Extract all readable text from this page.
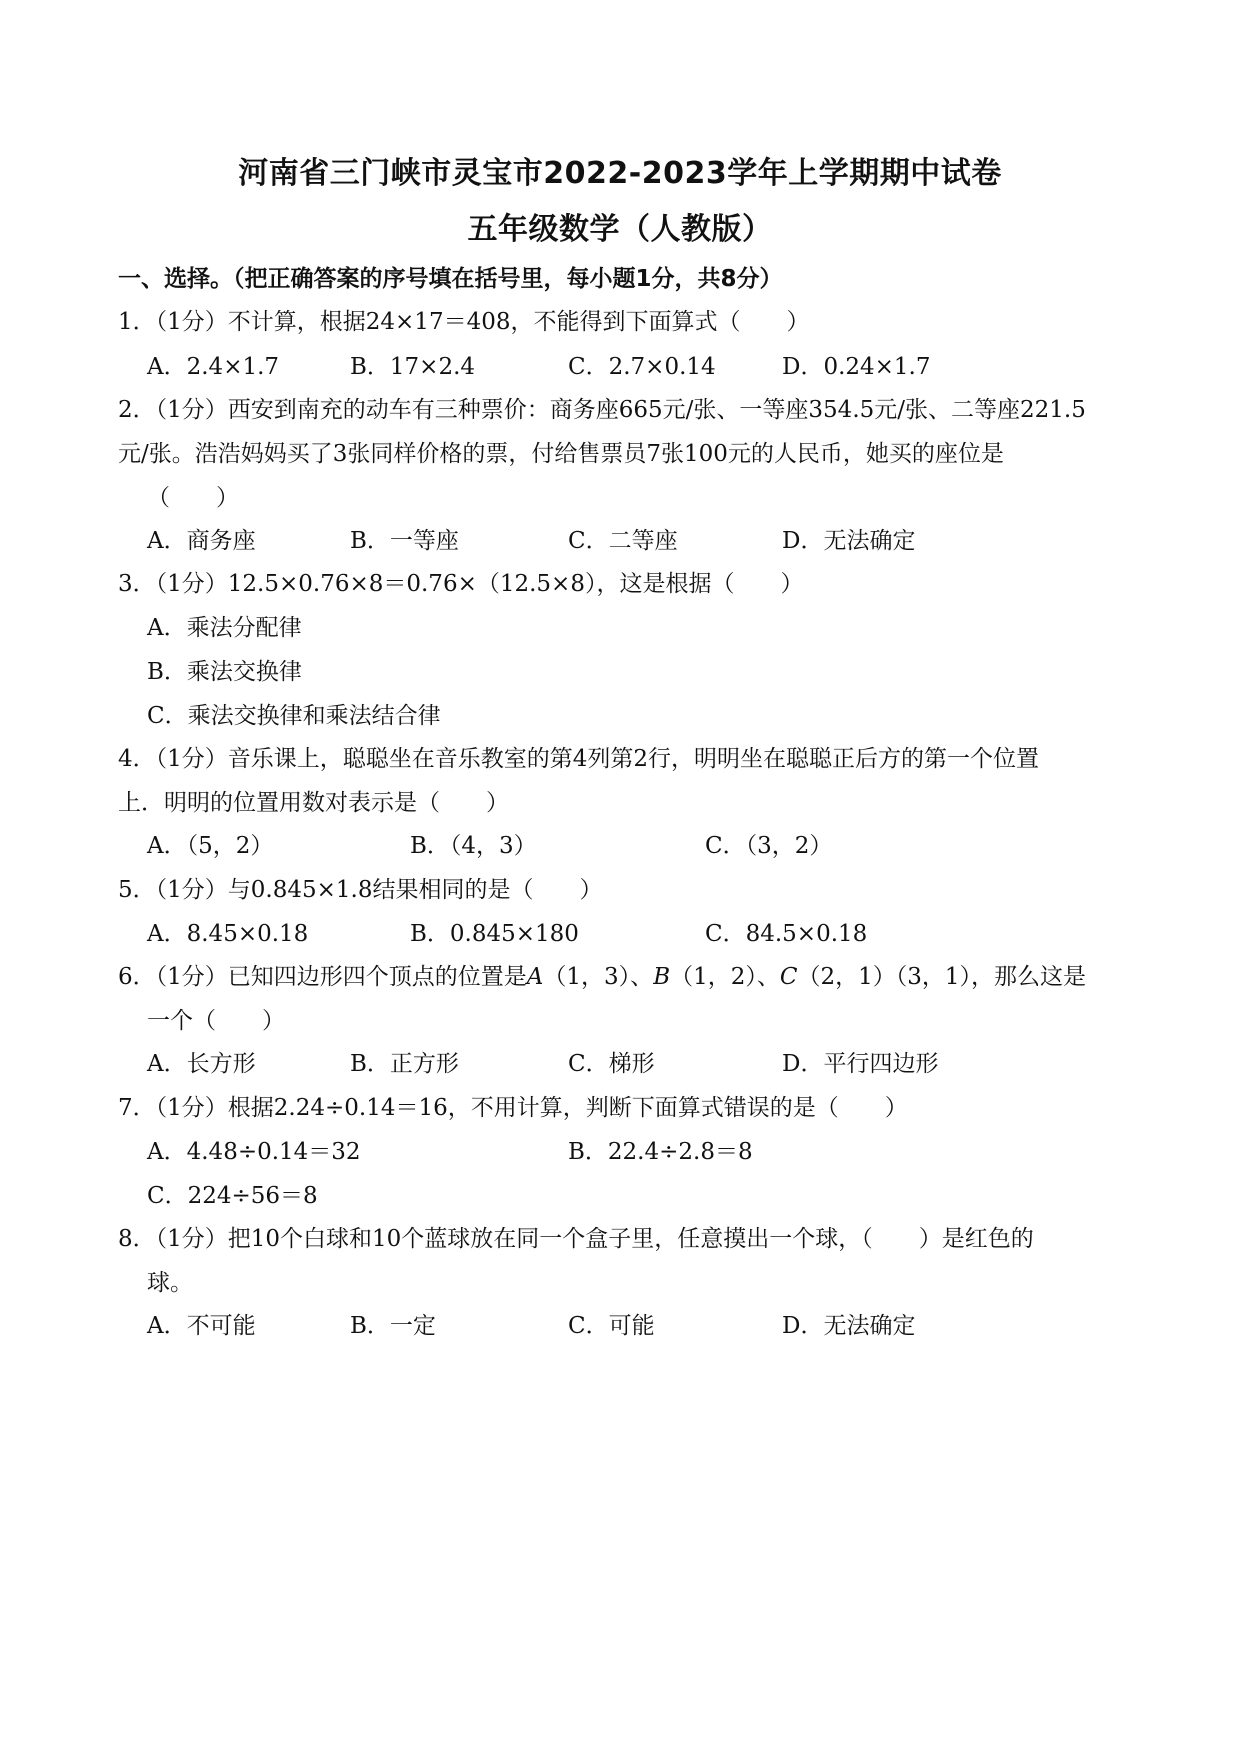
河南省三门峡市灵宝市2022-2023学年上学期期中试卷
五年级数学（人教版）
一、选择。（把正确答案的序号填在括号里，每小题1分，共8分）
1．（1分）不计算，根据24×17＝408，不能得到下面算式（　　）
A．2.4×1.7	B．17×2.4	C．2.7×0.14	D．0.24×1.7
2．（1分）西安到南充的动车有三种票价：商务座665元/张、一等座354.5元/张、二等座221.5
元/张。浩浩妈妈买了3张同样价格的票，付给售票员7张100元的人民币，她买的座位是
（　　）
A．商务座	B．一等座	C．二等座	D．无法确定
3．（1分）12.5×0.76×8＝0.76×（12.5×8），这是根据（　　）
A．乘法分配律
B．乘法交换律
C．乘法交换律和乘法结合律
4．（1分）音乐课上，聪聪坐在音乐教室的第4列第2行，明明坐在聪聪正后方的第一个位置
上．明明的位置用数对表示是（　　）
A．（5，2）	B．（4，3）	C．（3，2）
5．（1分）与0.845×1.8结果相同的是（　　）
A．8.45×0.18	B．0.845×180	C．84.5×0.18
6．（1分）已知四边形四个顶点的位置是A（1，3）、B（1，2）、C（2，1）（3，1），那么这是
一个（　　）
A．长方形	B．正方形	C．梯形	D．平行四边形
7．（1分）根据2.24÷0.14＝16，不用计算，判断下面算式错误的是（　　）
A．4.48÷0.14＝32	B．22.4÷2.8＝8
C．224÷56＝8
8．（1分）把10个白球和10个蓝球放在同一个盒子里，任意摸出一个球，（　　）是红色的
球。
A．不可能	B．一定	C．可能	D．无法确定
